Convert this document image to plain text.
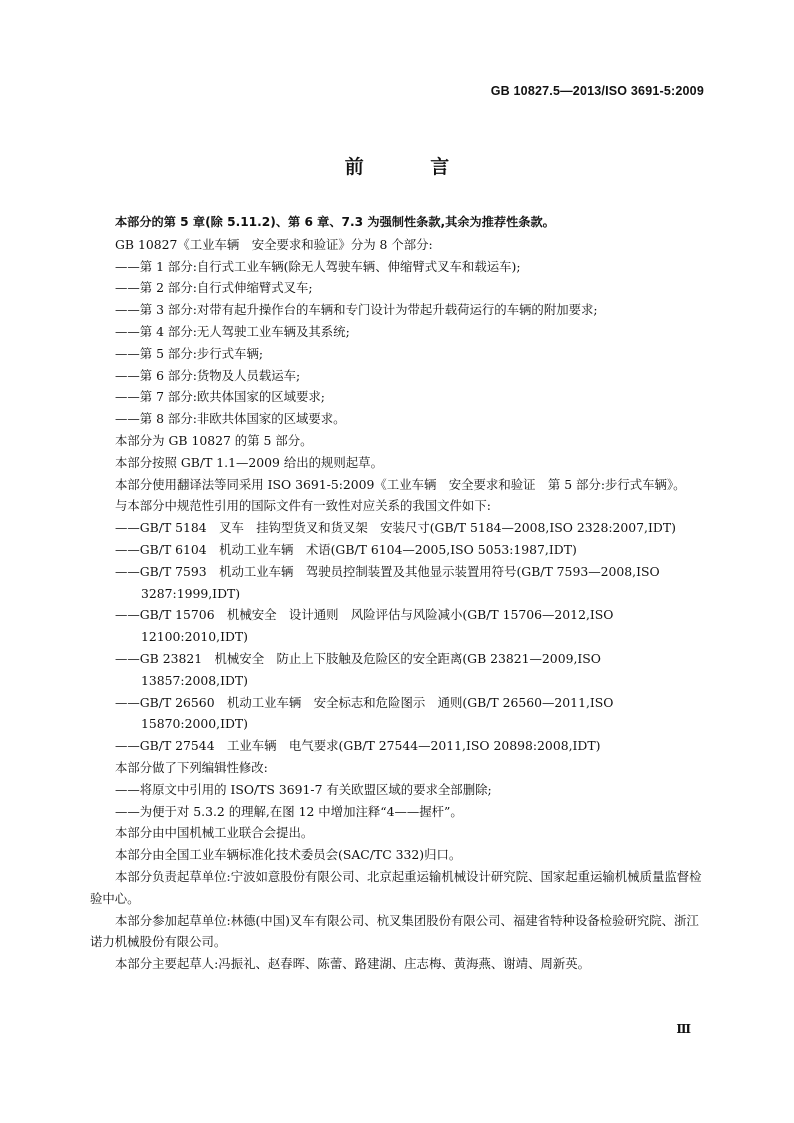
GB 10827.5—2013/ISO 3691-5:2009
前 言

本部分的第 5 章(除 5.11.2)、第 6 章、7.3 为强制性条款,其余为推荐性条款。

GB 10827《工业车辆　安全要求和验证》分为 8 个部分:

——第 1 部分:自行式工业车辆(除无人驾驶车辆、伸缩臂式叉车和载运车);

——第 2 部分:自行式伸缩臂式叉车;

——第 3 部分:对带有起升操作台的车辆和专门设计为带起升载荷运行的车辆的附加要求;

——第 4 部分:无人驾驶工业车辆及其系统;

——第 5 部分:步行式车辆;

——第 6 部分:货物及人员载运车;

——第 7 部分:欧共体国家的区域要求;

——第 8 部分:非欧共体国家的区域要求。

本部分为 GB 10827 的第 5 部分。

本部分按照 GB/T 1.1—2009 给出的规则起草。

本部分使用翻译法等同采用 ISO 3691-5:2009《工业车辆　安全要求和验证　第 5 部分:步行式车辆》。

与本部分中规范性引用的国际文件有一致性对应关系的我国文件如下:

——GB/T 5184　叉车　挂钩型货叉和货叉架　安装尺寸(GB/T 5184—2008,ISO 2328:2007,IDT)

——GB/T 6104　机动工业车辆　术语(GB/T 6104—2005,ISO 5053:1987,IDT)

——GB/T 7593　机动工业车辆　驾驶员控制装置及其他显示装置用符号(GB/T 7593—2008,ISO 3287:1999,IDT)

——GB/T 15706　机械安全　设计通则　风险评估与风险减小(GB/T 15706—2012,ISO 12100:2010,IDT)

——GB 23821　机械安全　防止上下肢触及危险区的安全距离(GB 23821—2009,ISO 13857:2008,IDT)

——GB/T 26560　机动工业车辆　安全标志和危险图示　通则(GB/T 26560—2011,ISO 15870:2000,IDT)

——GB/T 27544　工业车辆　电气要求(GB/T 27544—2011,ISO 20898:2008,IDT)

本部分做了下列编辑性修改:

——将原文中引用的 ISO/TS 3691-7 有关欧盟区域的要求全部删除;

——为便于对 5.3.2 的理解,在图 12 中增加注释“4——握杆”。

本部分由中国机械工业联合会提出。

本部分由全国工业车辆标准化技术委员会(SAC/TC 332)归口。

本部分负责起草单位:宁波如意股份有限公司、北京起重运输机械设计研究院、国家起重运输机械质量监督检验中心。

本部分参加起草单位:林德(中国)叉车有限公司、杭叉集团股份有限公司、福建省特种设备检验研究院、浙江诺力机械股份有限公司。

本部分主要起草人:冯振礼、赵春晖、陈蕾、路建湖、庄志梅、黄海燕、谢靖、周新英。

Ⅲ
